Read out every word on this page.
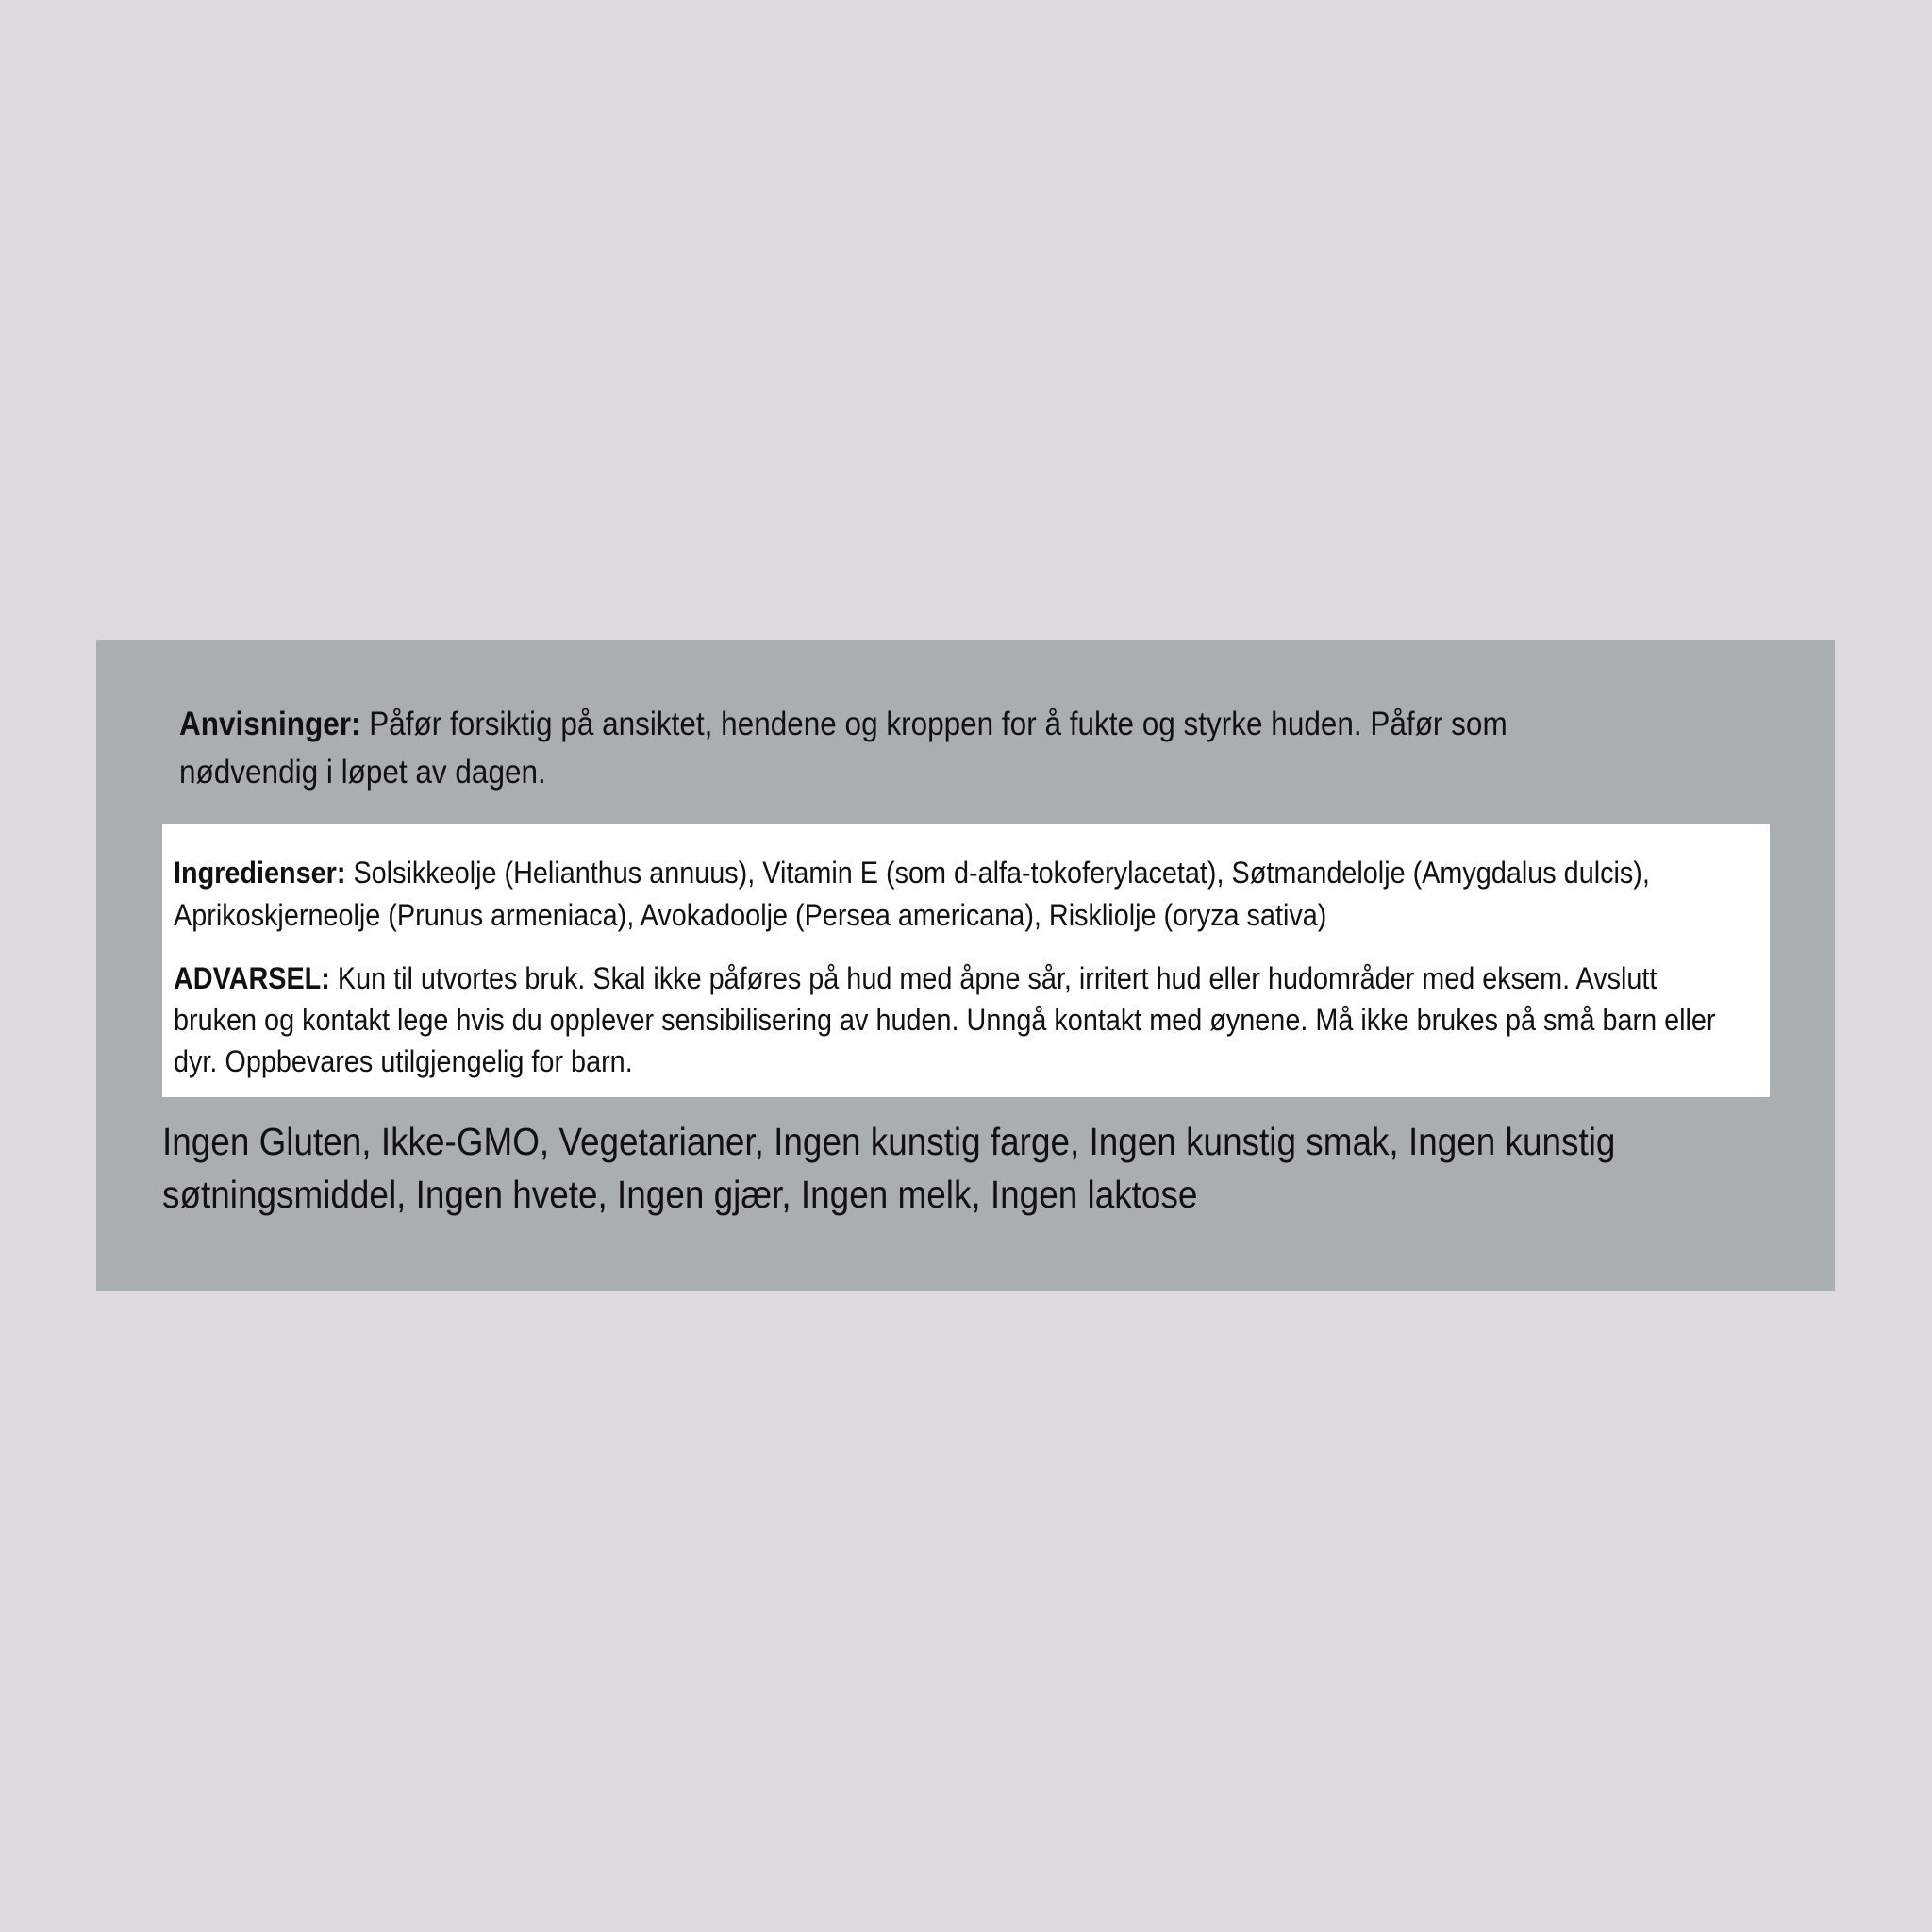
Anvisninger: Påfør forsiktig på ansiktet, hendene og kroppen for å fukte og styrke huden. Påfør som nødvendig i løpet av dagen.

Ingredienser: Solsikkeolje (Helianthus annuus), Vitamin E (som d-alfa-tokoferylacetat), Søtmandelolje (Amygdalus dulcis), Aprikoskjerneolje (Prunus armeniaca), Avokadoolje (Persea americana), Riskliolje (oryza sativa)

ADVARSEL: Kun til utvortes bruk. Skal ikke påføres på hud med åpne sår, irritert hud eller hudområder med eksem. Avslutt bruken og kontakt lege hvis du opplever sensibilisering av huden. Unngå kontakt med øynene. Må ikke brukes på små barn eller dyr. Oppbevares utilgjengelig for barn.

Ingen Gluten, Ikke-GMO, Vegetarianer, Ingen kunstig farge, Ingen kunstig smak, Ingen kunstig søtningsmiddel, Ingen hvete, Ingen gjær, Ingen melk, Ingen laktose
